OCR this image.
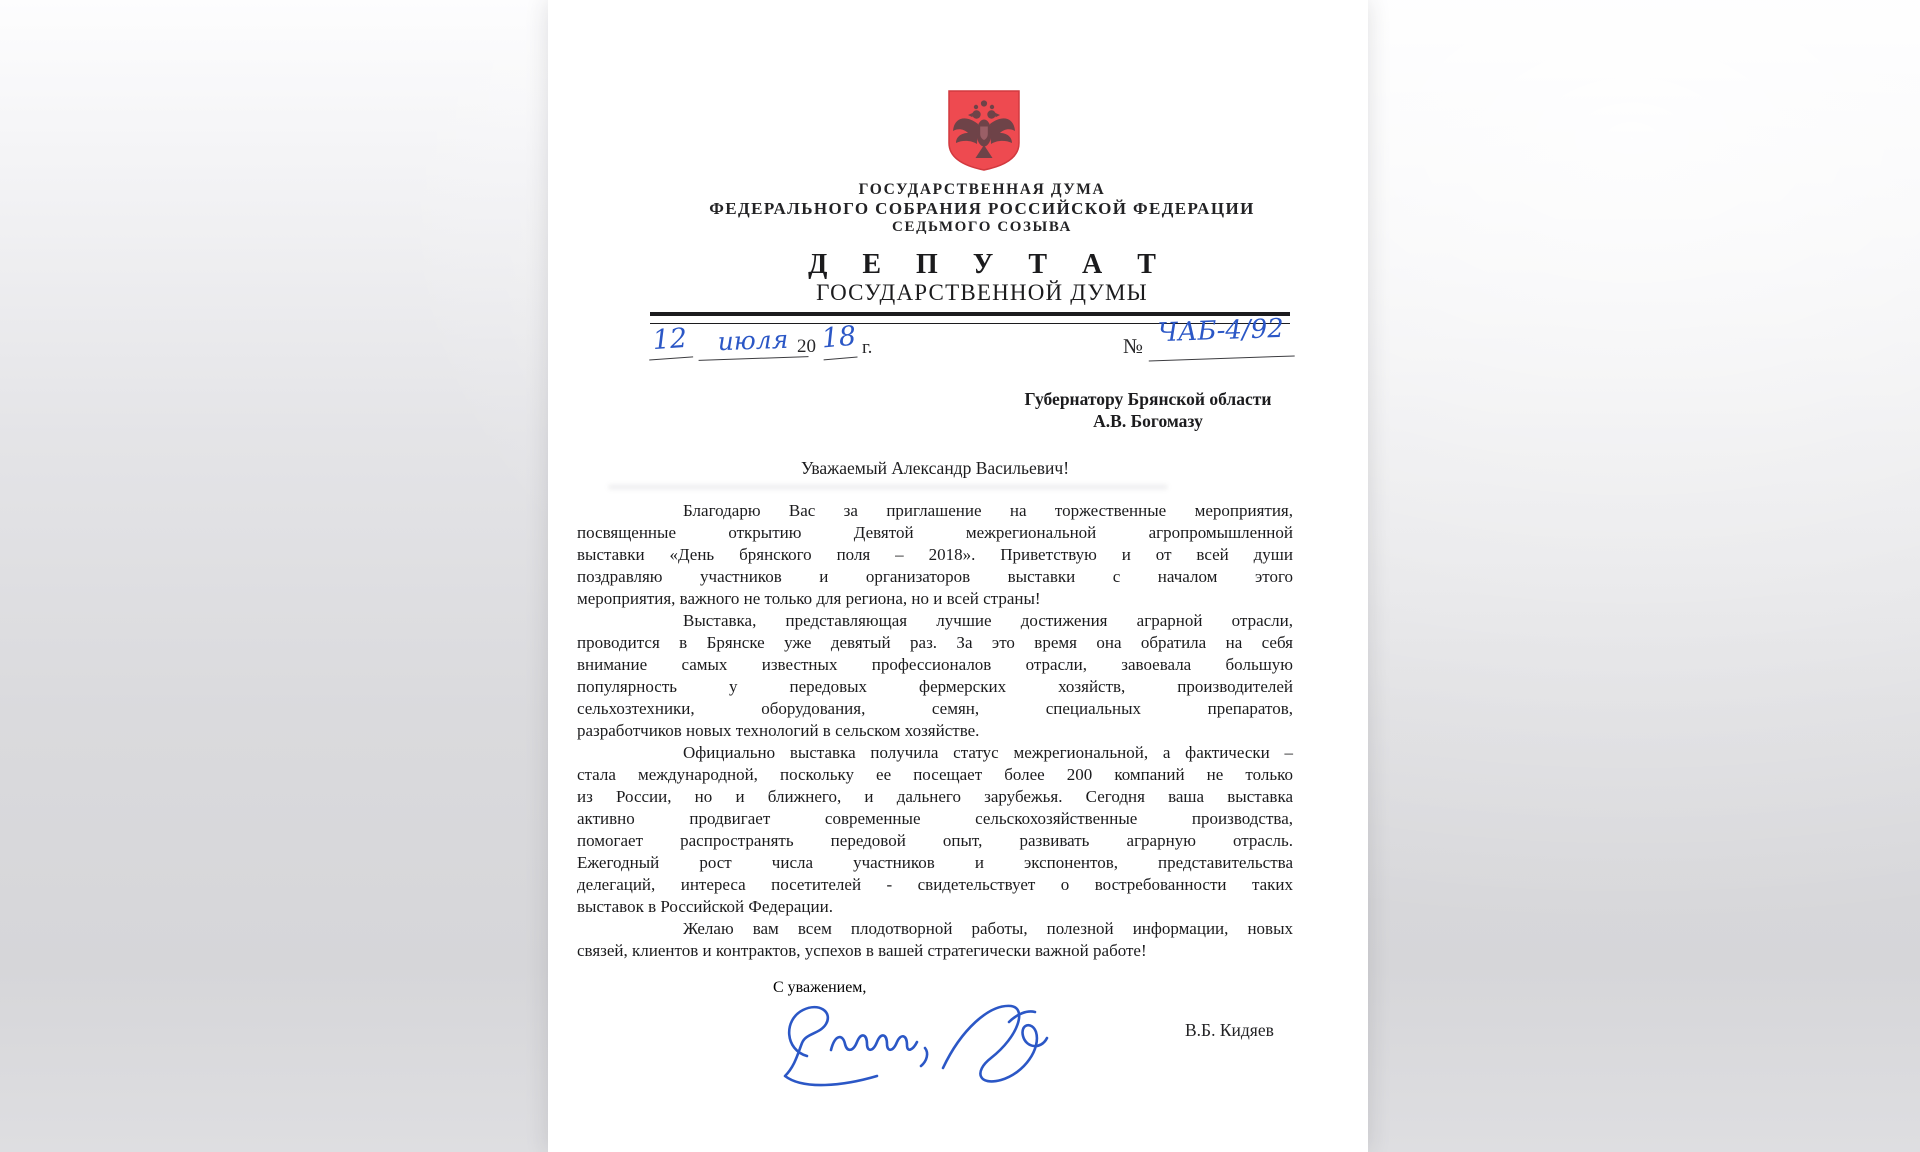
ГОСУДАРСТВЕННАЯ ДУМА
ФЕДЕРАЛЬНОГО СОБРАНИЯ РОССИЙСКОЙ ФЕДЕРАЦИИ
СЕДЬМОГО СОЗЫВА
Д Е П У Т А Т
ГОСУДАРСТВЕННОЙ ДУМЫ
12	июля 20 18 г.	№ ЧАБ-4/92
Губернатору Брянской области
А.В. Богомазу
Уважаемый Александр Васильевич!
Благодарю Вас за приглашение на торжественные мероприятия,
посвященные открытию Девятой межрегиональной агропромышленной
выставки «День брянского поля – 2018». Приветствую и от всей души
поздравляю участников и организаторов выставки с началом этого
мероприятия, важного не только для региона, но и всей страны!
Выставка, представляющая лучшие достижения аграрной отрасли,
проводится в Брянске уже девятый раз. За это время она обратила на себя
внимание самых известных профессионалов отрасли, завоевала большую
популярность у передовых фермерских хозяйств, производителей
сельхозтехники, оборудования, семян, специальных препаратов,
разработчиков новых технологий в сельском хозяйстве.
Официально выставка получила статус межрегиональной, а фактически –
стала международной, поскольку ее посещает более 200 компаний не только
из России, но и ближнего, и дальнего зарубежья. Сегодня ваша выставка
активно продвигает современные сельскохозяйственные производства,
помогает распространять передовой опыт, развивать аграрную отрасль.
Ежегодный рост числа участников и экспонентов, представительства
делегаций, интереса посетителей - свидетельствует о востребованности таких
выставок в Российской Федерации.
Желаю вам всем плодотворной работы, полезной информации, новых
связей, клиентов и контрактов, успехов в вашей стратегически важной работе!
С уважением,
В.Б. Кидяев
